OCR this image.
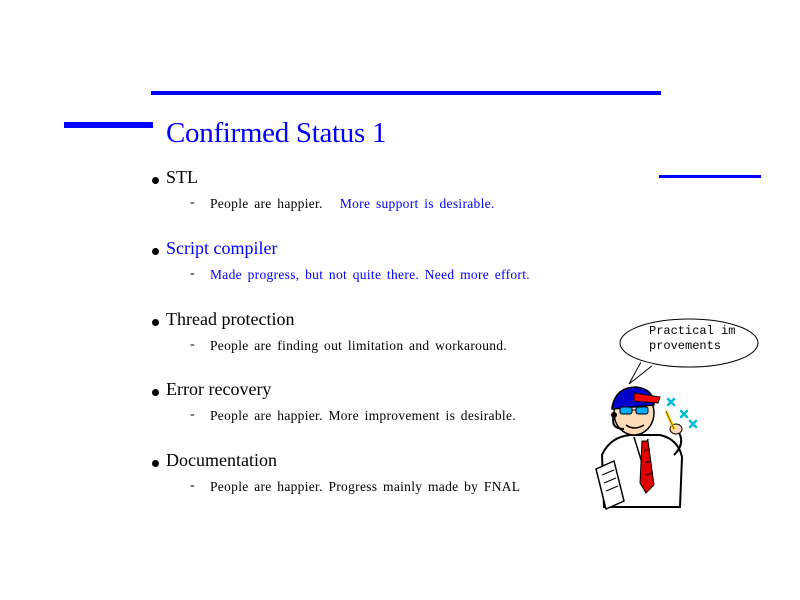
Confirmed Status 1
STL
- People are happier. More support is desirable.
Script compiler
- Made progress, but not quite there. Need more effort.
Thread protection
- People are finding out limitation and workaround.
Error recovery
- People are happier. More improvement is desirable.
Documentation
- People are happier. Progress mainly made by FNAL
Practical improvements
